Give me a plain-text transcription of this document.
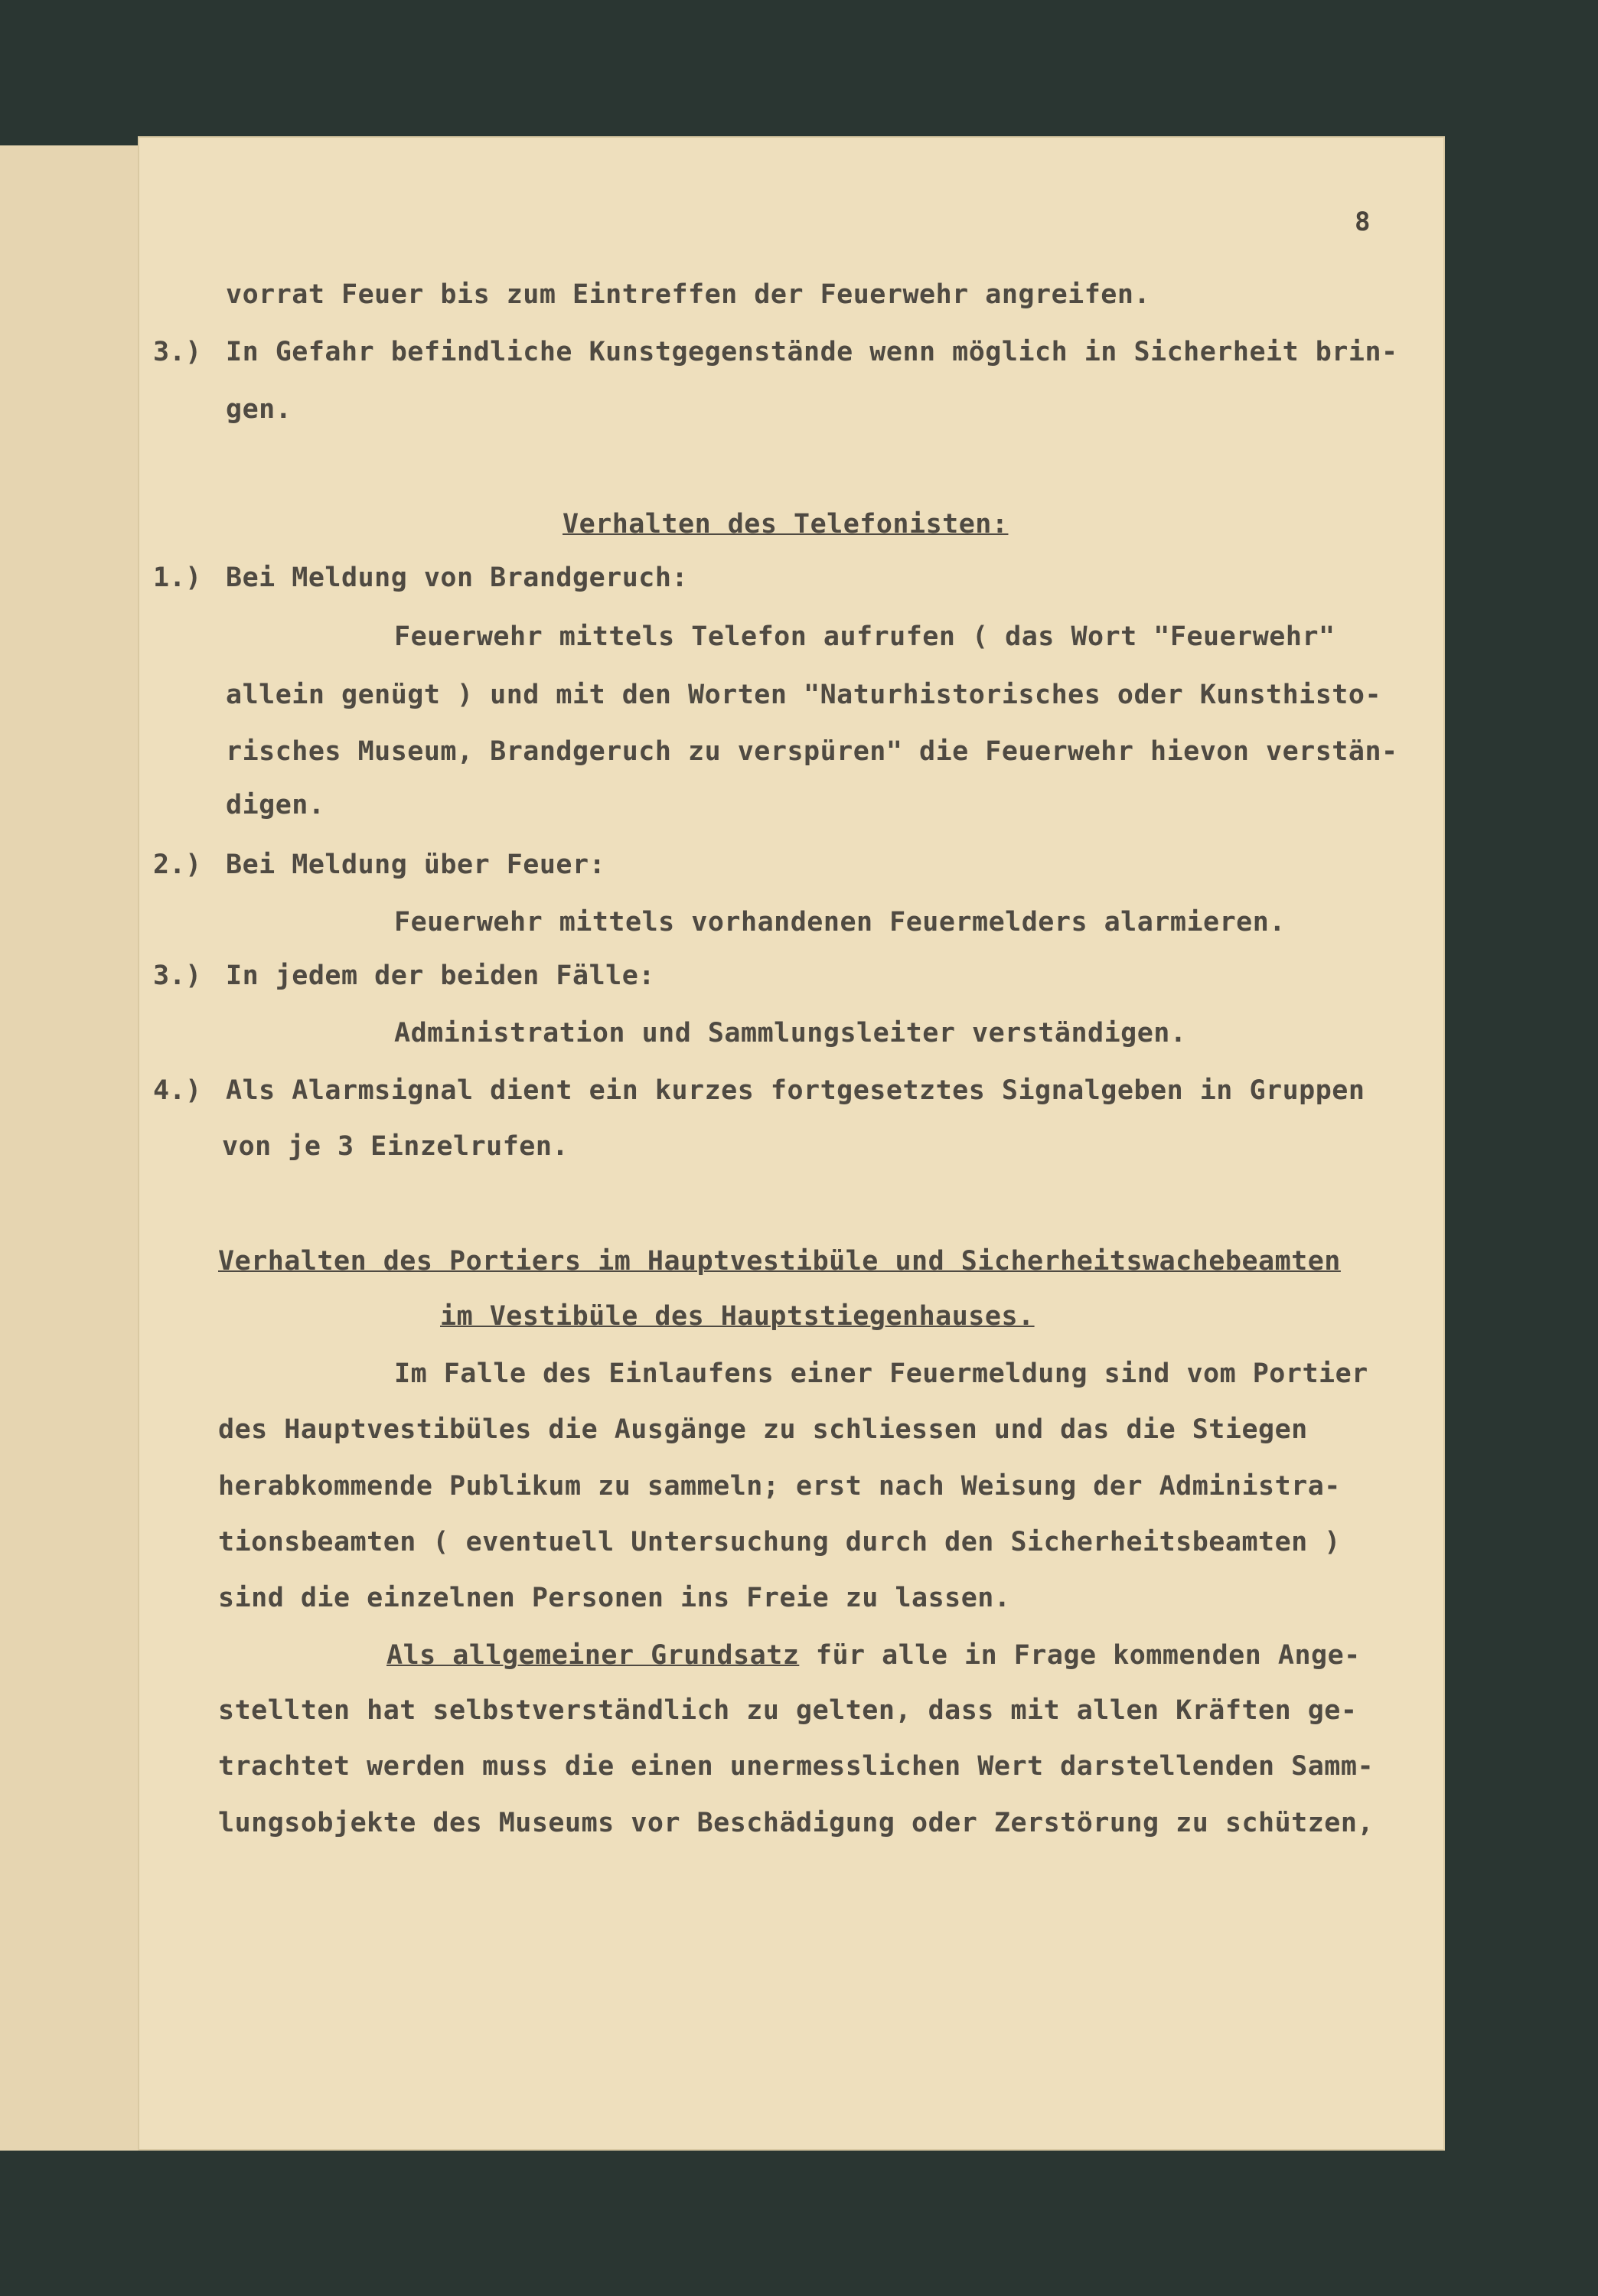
8
vorrat Feuer bis zum Eintreffen der Feuerwehr angreifen.
3.) In Gefahr befindliche Kunstgegenstände wenn möglich in Sicherheit brin-
gen.
Verhalten des Telefonisten:
1.) Bei Meldung von Brandgeruch:
Feuerwehr mittels Telefon aufrufen ( das Wort "Feuerwehr"
allein genügt ) und mit den Worten "Naturhistorisches oder Kunsthisto-
risches Museum, Brandgeruch zu verspüren" die Feuerwehr hievon verstän-
digen.
2.) Bei Meldung über Feuer:
Feuerwehr mittels vorhandenen Feuermelders alarmieren.
3.) In jedem der beiden Fälle:
Administration und Sammlungsleiter verständigen.
4.) Als Alarmsignal dient ein kurzes fortgesetztes Signalgeben in Gruppen
von je 3 Einzelrufen.
Verhalten des Portiers im Hauptvestibüle und Sicherheitswachebeamten
im Vestibüle des Hauptstiegenhauses.
Im Falle des Einlaufens einer Feuermeldung sind vom Portier
des Hauptvestibüles die Ausgänge zu schliessen und das die Stiegen
herabkommende Publikum zu sammeln; erst nach Weisung der Administra-
tionsbeamten ( eventuell Untersuchung durch den Sicherheitsbeamten )
sind die einzelnen Personen ins Freie zu lassen.
Als allgemeiner Grundsatz für alle in Frage kommenden Ange-
stellten hat selbstverständlich zu gelten, dass mit allen Kräften ge-
trachtet werden muss die einen unermesslichen Wert darstellenden Samm-
lungsobjekte des Museums vor Beschädigung oder Zerstörung zu schützen,
